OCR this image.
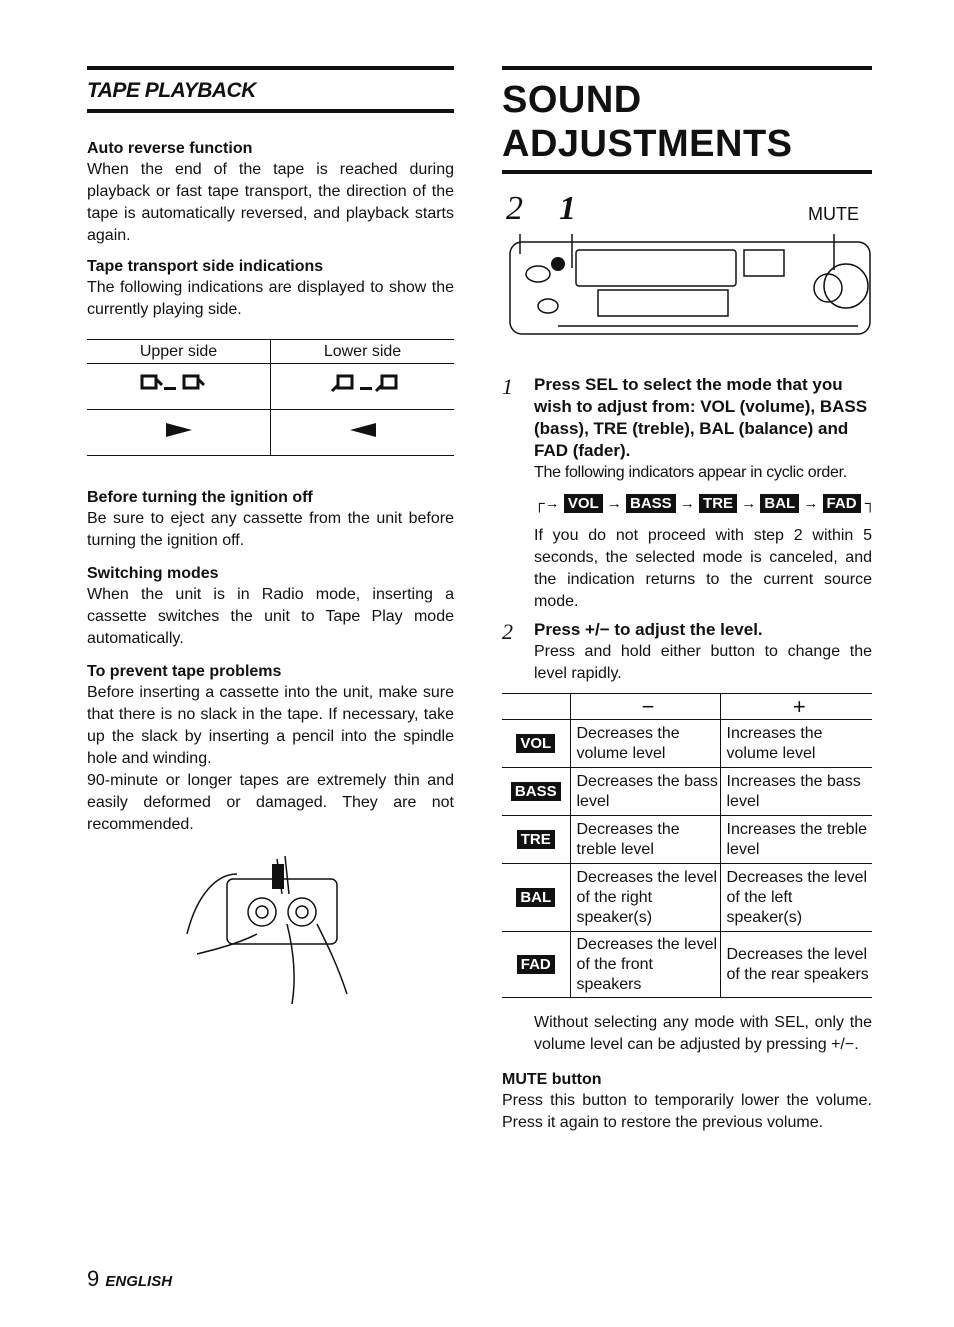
TAPE PLAYBACK
Auto reverse function

When the end of the tape is reached during playback or fast tape transport, the direction of the tape is automatically reversed, and playback starts again.

Tape transport side indications

The following indications are displayed to show the currently playing side.

Upper side	Lower side

Before turning the ignition off

Be sure to eject any cassette from the unit before turning the ignition off.

Switching modes

When the unit is in Radio mode, inserting a cassette switches the unit to Tape Play mode automatically.

To prevent tape problems

Before inserting a cassette into the unit, make sure that there is no slack in the tape. If necessary, take up the slack by inserting a pencil into the spindle hole and winding.

90-minute or longer tapes are extremely thin and easily deformed or damaged. They are not recommended.

SOUND ADJUSTMENTS
2 1	MUTE
1 Press SEL to select the mode that you wish to adjust from: VOL (volume), BASS (bass), TRE (treble), BAL (balance) and FAD (fader).

The following indicators appear in cyclic order.

┌→ VOL → BASS → TRE → BAL → FAD ┐

If you do not proceed with step 2 within 5 seconds, the selected mode is canceled, and the indication returns to the current source mode.

2 Press +/− to adjust the level.

Press and hold either button to change the level rapidly.

	−	+
VOL	Decreases the volume level	Increases the volume level
BASS	Decreases the bass level	Increases the bass level
TRE	Decreases the treble level	Increases the treble level
BAL	Decreases the level of the right speaker(s)	Decreases the level of the left speaker(s)
FAD	Decreases the level of the front speakers	Decreases the level of the rear speakers

Without selecting any mode with SEL, only the volume level can be adjusted by pressing +/−.

MUTE button

Press this button to temporarily lower the volume. Press it again to restore the previous volume.

9 ENGLISH
